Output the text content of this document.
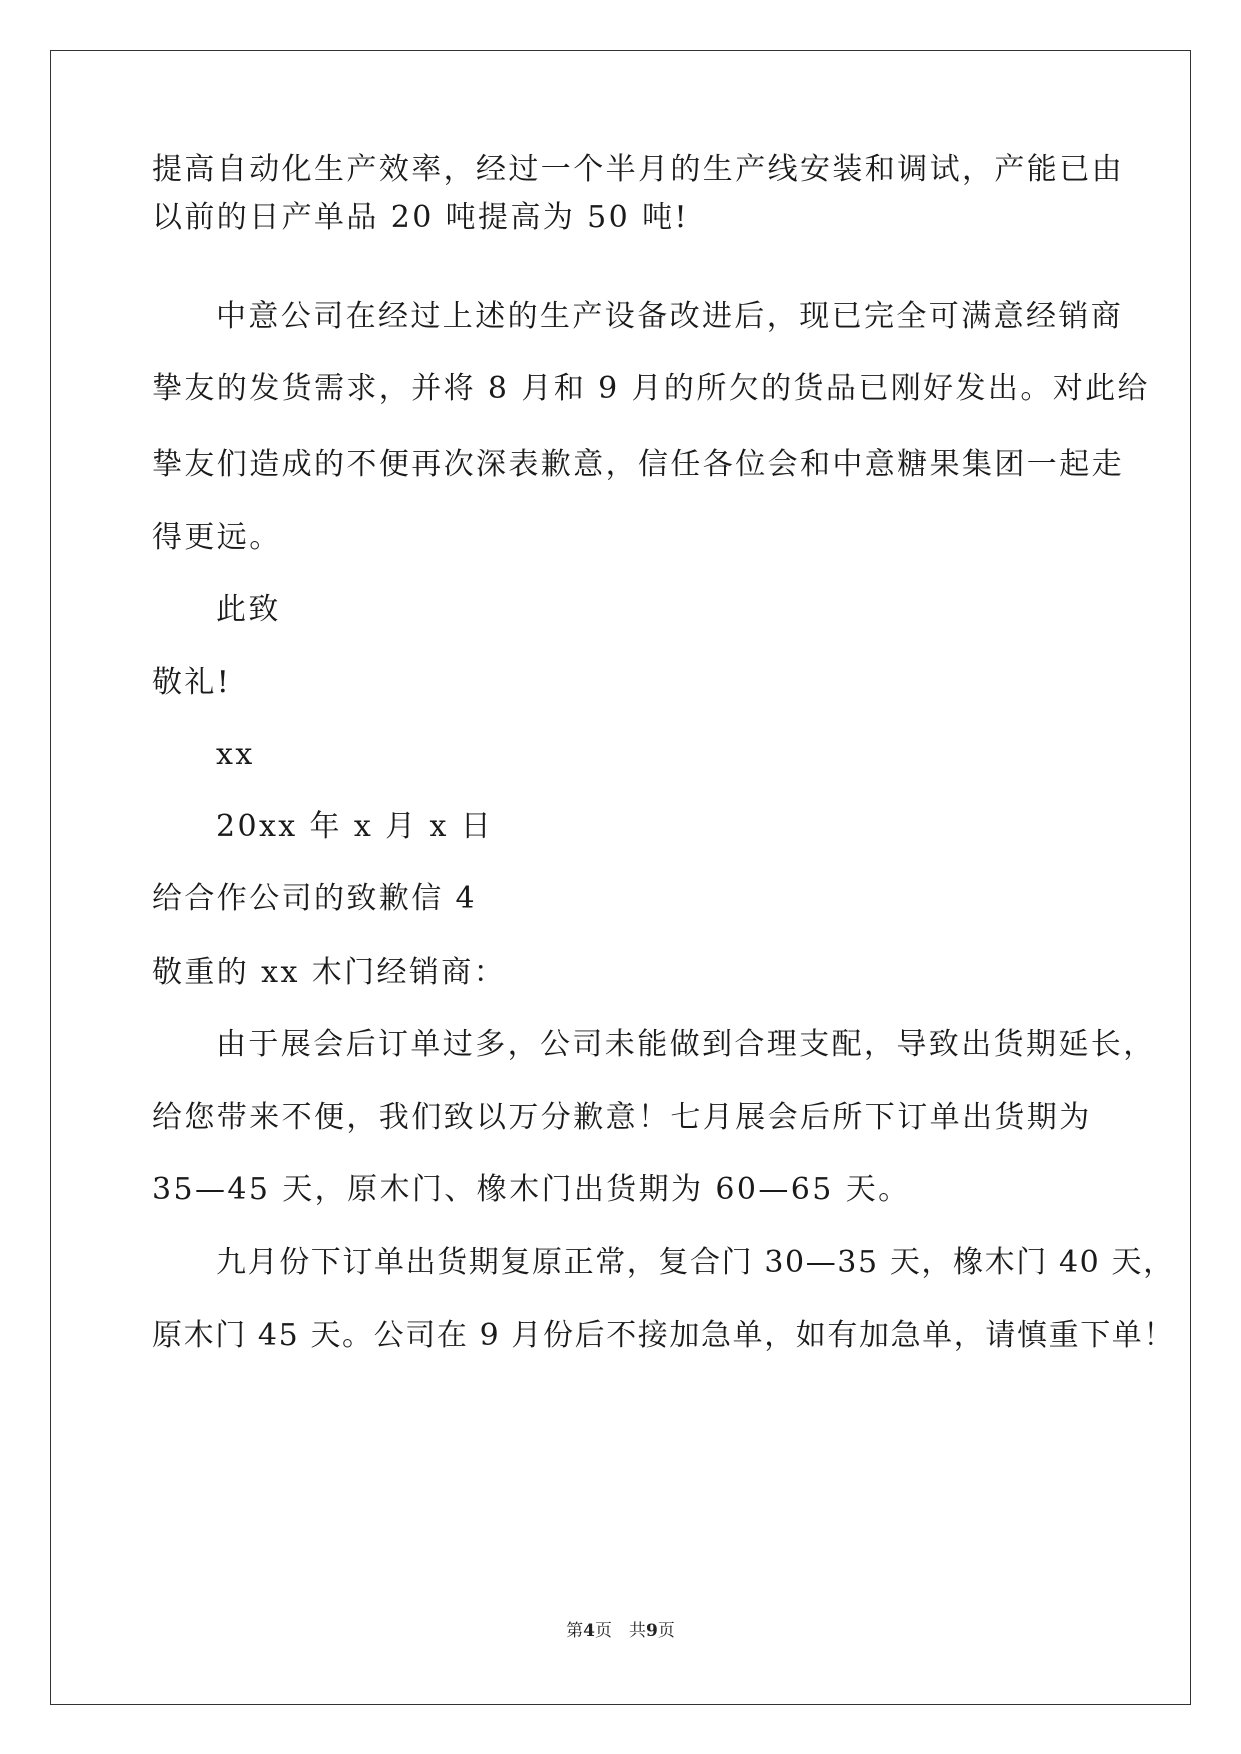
提高自动化生产效率，经过一个半月的生产线安装和调试，产能已由
以前的日产单品 20 吨提高为 50 吨!
中意公司在经过上述的生产设备改进后，现已完全可满意经销商
挚友的发货需求，并将 8 月和 9 月的所欠的货品已刚好发出。对此给
挚友们造成的不便再次深表歉意，信任各位会和中意糖果集团一起走
得更远。
此致
敬礼!
xx
20xx 年 x 月 x 日
给合作公司的致歉信 4
敬重的 xx 木门经销商：
由于展会后订单过多，公司未能做到合理支配，导致出货期延长，
给您带来不便，我们致以万分歉意！七月展会后所下订单出货期为
35—45 天，原木门、橡木门出货期为 60—65 天。
九月份下订单出货期复原正常，复合门 30—35 天，橡木门 40 天，
原木门 45 天。公司在 9 月份后不接加急单，如有加急单，请慎重下单！
第4页　共9页
